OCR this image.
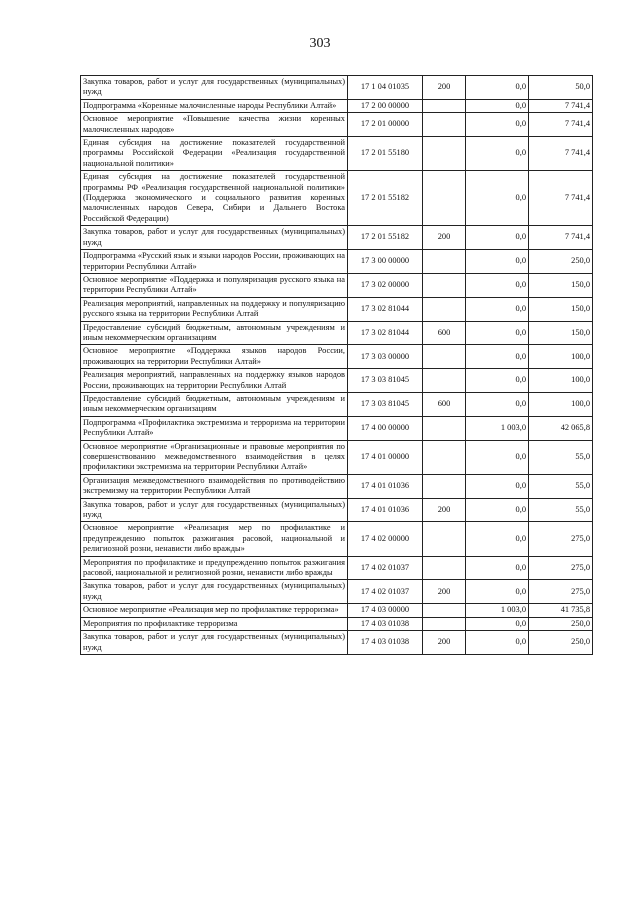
303
Закупка товаров, работ и услуг для государственных (муниципальных) нужд	17 1 04 01035	200	0,0	50,0
Подпрограмма «Коренные малочисленные народы Республики Алтай»	17 2 00 00000		0,0	7 741,4
Основное мероприятие «Повышение качества жизни коренных малочисленных народов»	17 2 01 00000		0,0	7 741,4
Единая субсидия на достижение показателей государственной программы Российской Федерации «Реализация государственной национальной политики»	17 2 01 55180		0,0	7 741,4
Единая субсидия на достижение показателей государственной программы РФ «Реализация государственной национальной политики» (Поддержка экономического и социального развития коренных малочисленных народов Севера, Сибири и Дальнего Востока Российской Федерации)	17 2 01 55182		0,0	7 741,4
Закупка товаров, работ и услуг для государственных (муниципальных) нужд	17 2 01 55182	200	0,0	7 741,4
Подпрограмма «Русский язык и языки народов России, проживающих на территории Республики Алтай»	17 3 00 00000		0,0	250,0
Основное мероприятие «Поддержка и популяризация русского языка на территории Республики Алтай»	17 3 02 00000		0,0	150,0
Реализация мероприятий, направленных на поддержку и популяризацию русского языка на территории Республики Алтай	17 3 02 81044		0,0	150,0
Предоставление субсидий бюджетным, автономным учреждениям и иным некоммерческим организациям	17 3 02 81044	600	0,0	150,0
Основное мероприятие «Поддержка языков народов России, проживающих на территории Республики Алтай»	17 3 03 00000		0,0	100,0
Реализация мероприятий, направленных на поддержку языков народов России, проживающих на территории Республики Алтай	17 3 03 81045		0,0	100,0
Предоставление субсидий бюджетным, автономным учреждениям и иным некоммерческим организациям	17 3 03 81045	600	0,0	100,0
Подпрограмма «Профилактика экстремизма и терроризма на территории Республики Алтай»	17 4 00 00000		1 003,0	42 065,8
Основное мероприятие «Организационные и правовые мероприятия по совершенствованию межведомственного взаимодействия в целях профилактики экстремизма на территории Республики Алтай»	17 4 01 00000		0,0	55,0
Организация межведомственного взаимодействия по противодействию экстремизму на территории Республики Алтай	17 4 01 01036		0,0	55,0
Закупка товаров, работ и услуг для государственных (муниципальных) нужд	17 4 01 01036	200	0,0	55,0
Основное мероприятие «Реализация мер по профилактике и предупреждению попыток разжигания расовой, национальной и религиозной розни, ненависти либо вражды»	17 4 02 00000		0,0	275,0
Мероприятия по профилактике и предупреждению попыток разжигания расовой, национальной и религиозной розни, ненависти либо вражды	17 4 02 01037		0,0	275,0
Закупка товаров, работ и услуг для государственных (муниципальных) нужд	17 4 02 01037	200	0,0	275,0
Основное мероприятие «Реализация мер по профилактике терроризма»	17 4 03 00000		1 003,0	41 735,8
Мероприятия по профилактике терроризма	17 4 03 01038		0,0	250,0
Закупка товаров, работ и услуг для государственных (муниципальных) нужд	17 4 03 01038	200	0,0	250,0
